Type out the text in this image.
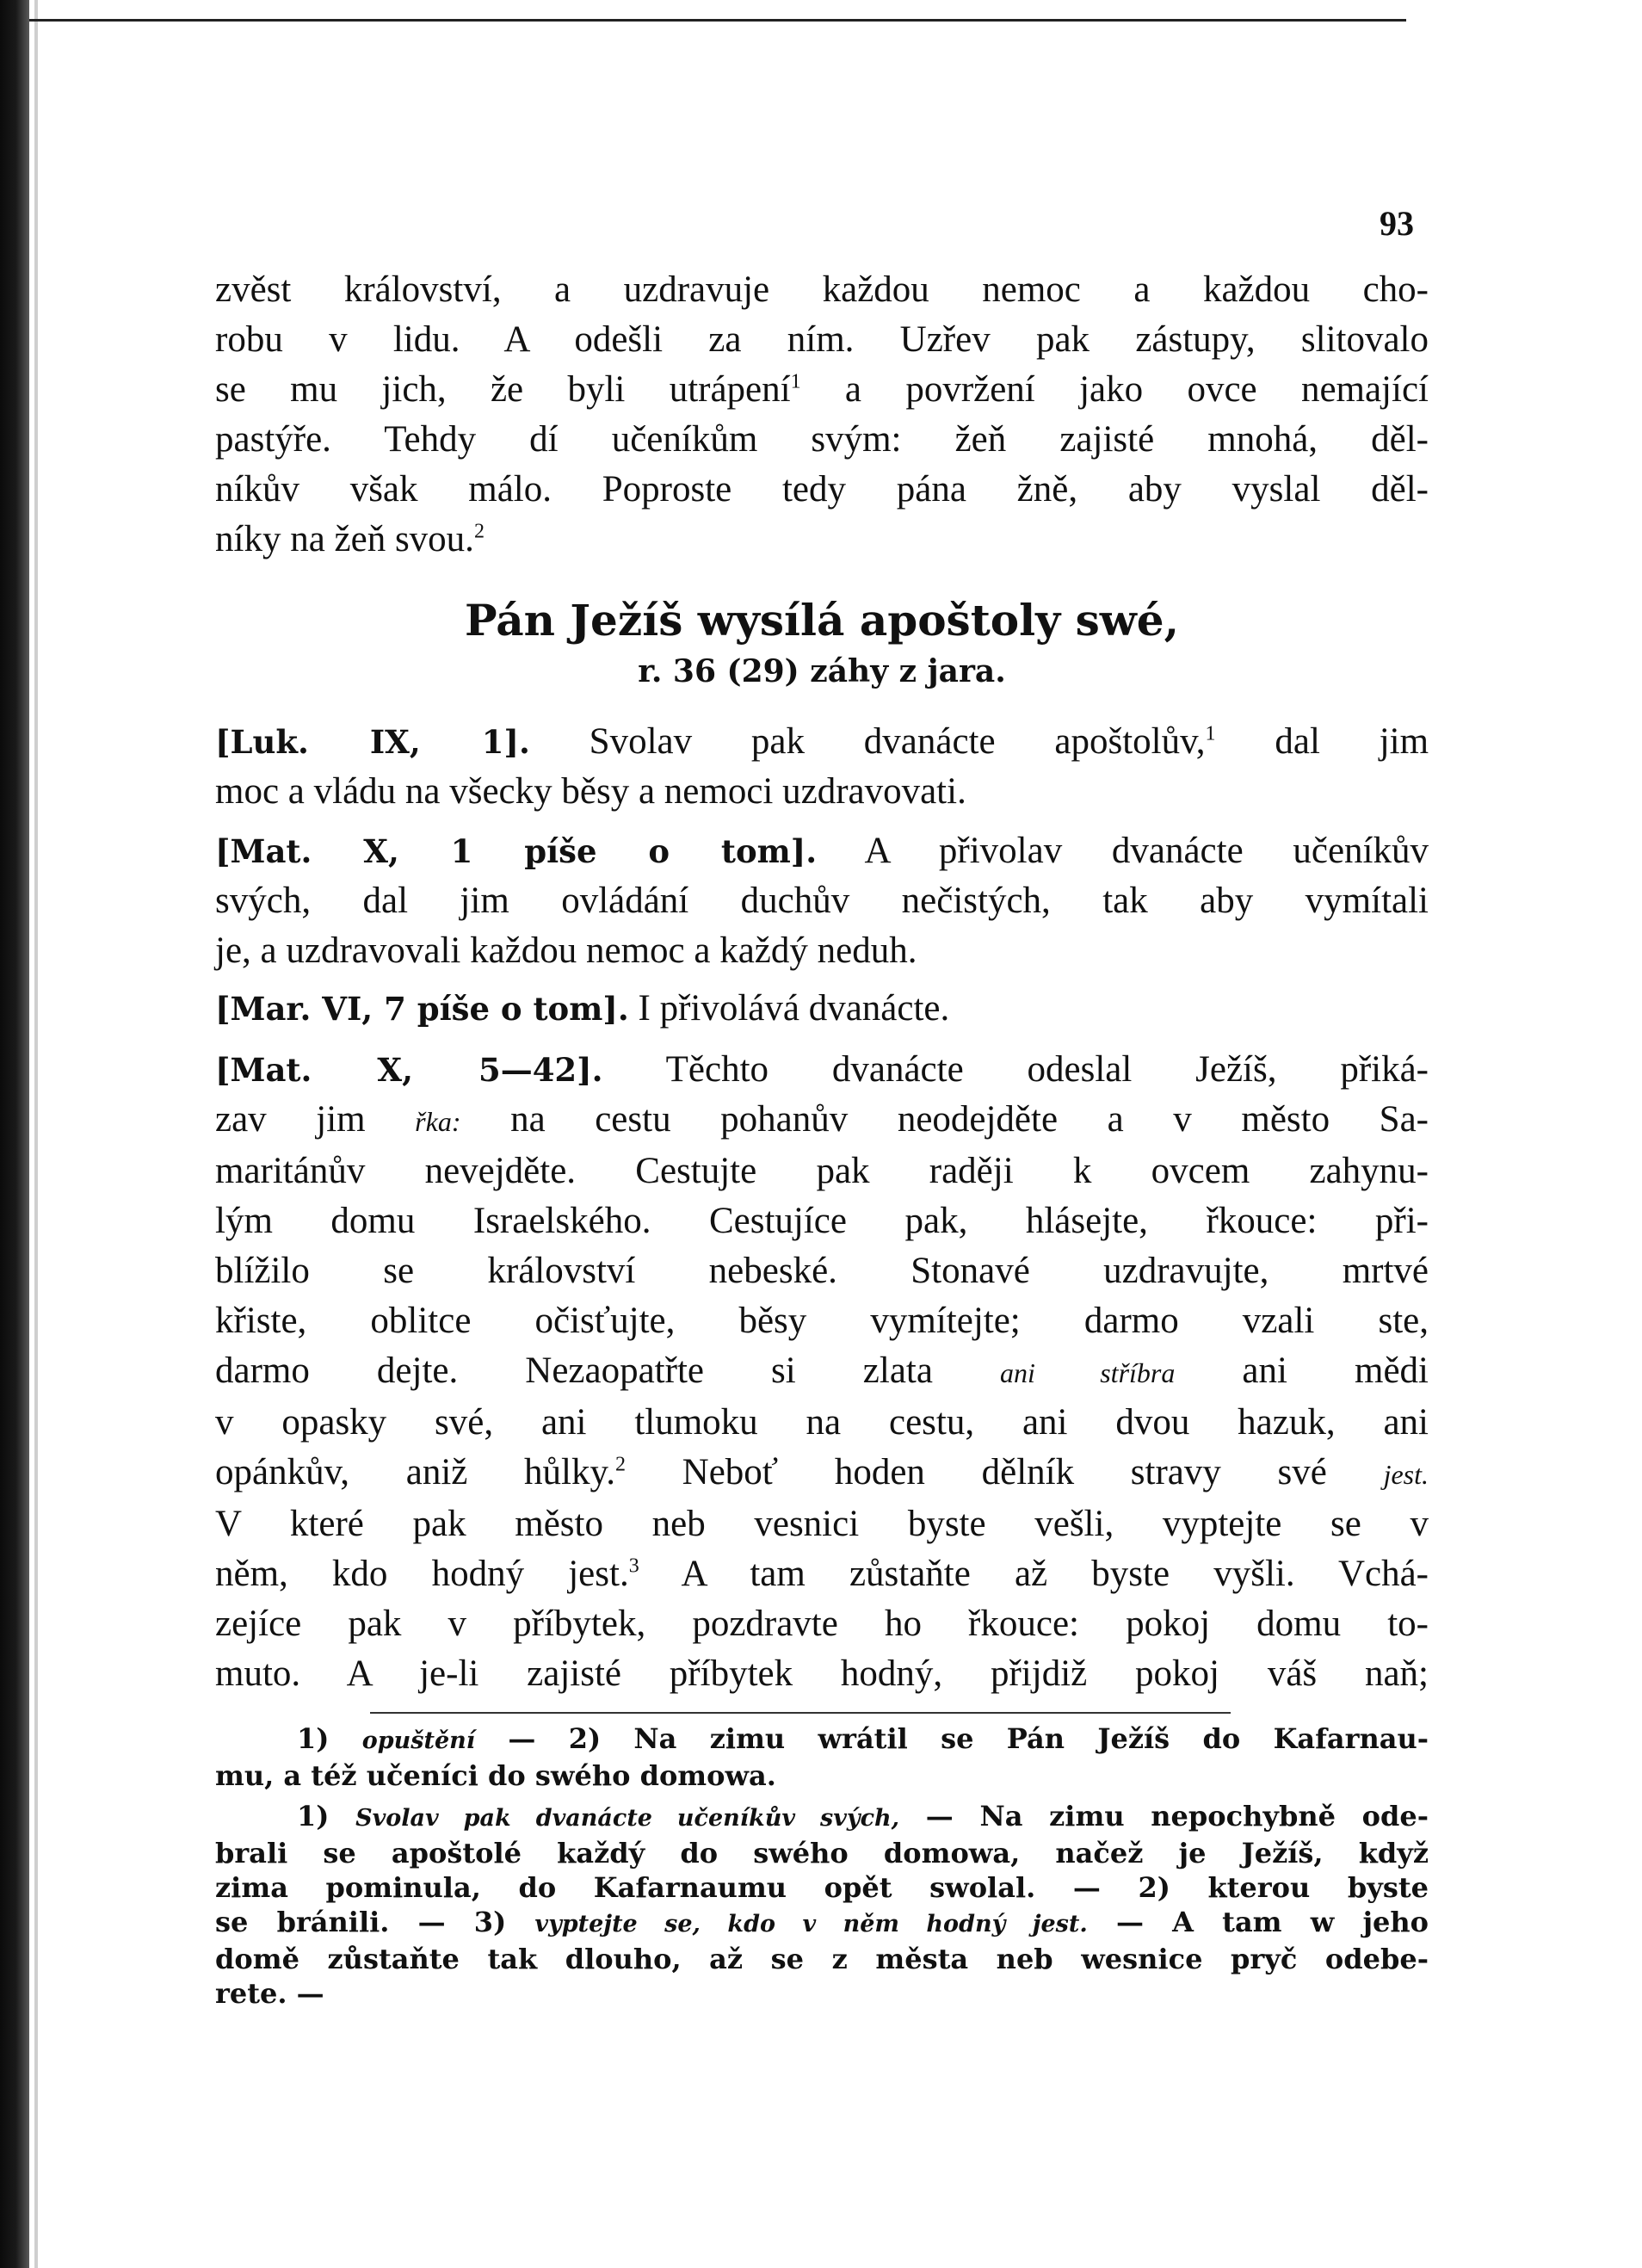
93
zvěst království, a uzdravuje každou nemoc a každou cho-
robu v lidu. A odešli za ním. Uzřev pak zástupy, slitovalo
se mu jich, že byli utrápení$^1$ a povržení jako ovce nemající
pastýře. Tehdy dí učeníkům svým: žeň zajisté mnohá, děl-
níkův však málo. Poproste tedy pána žně, aby vyslal děl-
níky na žeň svou.$^2$
Pán Ježíš wysílá apoštoly swé,
r. 36 (29) záhy z jara.
[Luk. IX, 1]. Svolav pak dvanácte apoštolův,$^1$ dal jim
moc a vládu na všecky běsy a nemoci uzdravovati.
[Mat. X, 1 píše o tom]. A přivolav dvanácte učeníkův
svých, dal jim ovládání duchův nečistých, tak aby vymítali
je, a uzdravovali každou nemoc a každý neduh.
[Mar. VI, 7 píše o tom]. I přivolává dvanácte.
[Mat. X, 5—42]. Těchto dvanácte odeslal Ježíš, přiká-
zav jim řka: na cestu pohanův neodejděte a v město Sa-
maritánův nevejděte. Cestujte pak raději k ovcem zahynu-
lým domu Israelského. Cestujíce pak, hlásejte, řkouce: při-
blížilo se království nebeské. Stonavé uzdravujte, mrtvé
křiste, oblitce očisťujte, běsy vymítejte; darmo vzali ste,
darmo dejte. Nezaopatřte si zlata ani stříbra ani mědi
v opasky své, ani tlumoku na cestu, ani dvou hazuk, ani
opánkův, aniž hůlky.$^2$ Neboť hoden dělník stravy své jest.
V které pak město neb vesnici byste vešli, vyptejte se v
něm, kdo hodný jest.$^3$ A tam zůstaňte až byste vyšli. Vchá-
zejíce pak v příbytek, pozdravte ho řkouce: pokoj domu to-
muto. A je-li zajisté příbytek hodný, přijdiž pokoj váš naň;
1) opuštění — 2) Na zimu wrátil se Pán Ježíš do Kafarnau-
mu, a též učeníci do swého domowa.
1) Svolav pak dvanácte učeníkův svých, — Na zimu nepochybně ode-
brali se apoštolé každý do swého domowa, načež je Ježíš, když
zima pominula, do Kafarnaumu opět swolal. — 2) kterou byste
se bránili. — 3) vyptejte se, kdo v něm hodný jest. — A tam w jeho
domě zůstaňte tak dlouho, až se z města neb wesnice pryč odebe-
rete. —
